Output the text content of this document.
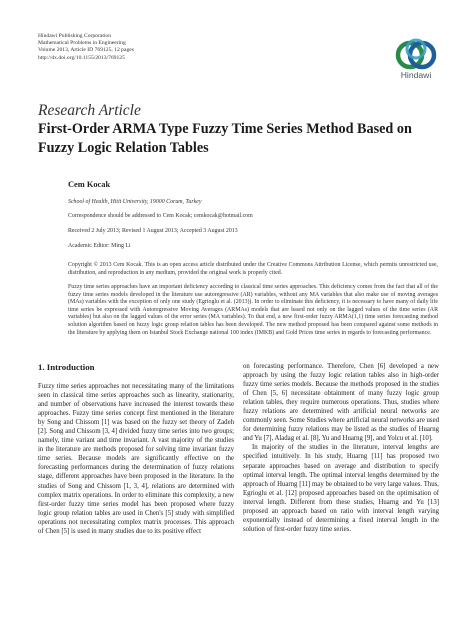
Hindawi Publishing Corporation
Mathematical Problems in Engineering
Volume 2013, Article ID 769125, 12 pages
http://dx.doi.org/10.1155/2013/769125
Hindawi
Research Article
First-Order ARMA Type Fuzzy Time Series Method Based on Fuzzy Logic Relation Tables
Cem Kocak
School of Health, Hitit University, 19000 Corum, Turkey
Correspondence should be addressed to Cem Kocak; cemkocak@hotmail.com
Received 2 July 2013; Revised 1 August 2013; Accepted 3 August 2013
Academic Editor: Ming Li
Copyright © 2013 Cem Kocak. This is an open access article distributed under the Creative Commons Attribution License, which permits unrestricted use, distribution, and reproduction in any medium, provided the original work is properly cited.
Fuzzy time series approaches have an important deficiency according to classical time series approaches. This deficiency comes from the fact that all of the fuzzy time series models developed in the literature use autoregressive (AR) variables, without any MA variables that also make use of moving averages (MAs) variables with the exception of only one study (Egrioglu et al. (2013)). In order to eliminate this deficiency, it is necessary to have many of daily life time series be expressed with Autoregressive Moving Averages (ARMAs) models that are based not only on the lagged values of the time series (AR variables) but also on the lagged values of the error series (MA variables). To that end, a new first-order fuzzy ARMA(1,1) time series forecasting method solution algorithm based on fuzzy logic group relation tables has been developed. The new method proposed has been compared against some methods in the literature by applying them on Istanbul Stock Exchange national 100 index (IMKB) and Gold Prices time series in regards to forecasting performance.
1. Introduction

Fuzzy time series approaches not necessitating many of the limitations seen in classical time series approaches such as linearity, stationarity, and number of observations have increased the interest towards these approaches. Fuzzy time series concept first mentioned in the literature by Song and Chissom [1] was based on the fuzzy set theory of Zadeh [2]. Song and Chissom [3, 4] divided fuzzy time series into two groups; namely, time variant and time invariant. A vast majority of the studies in the literature are methods proposed for solving time invariant fuzzy time series. Because models are significantly effective on the forecasting performances during the determination of fuzzy relations stage, different approaches have been proposed in the literature. In the studies of Song and Chissom [1, 3, 4], relations are determined with complex matrix operations. In order to eliminate this complexity, a new first-order fuzzy time series model has been proposed where fuzzy logic group relation tables are used in Chen's [5] study with simplified operations not necessitating complex matrix processes. This approach of Chen [5] is used in many studies due to its positive effect

on forecasting performance. Therefore, Chen [6] developed a new approach by using the fuzzy logic relation tables also in high-order fuzzy time series models. Because the methods proposed in the studies of Chen [5, 6] necessitate obtainment of many fuzzy logic group relation tables, they require numerous operations. Thus, studies where fuzzy relations are determined with artificial neural networks are commonly seen. Some Studies where artificial neural networks are used for determining fuzzy relations may be listed as the studies of Huarng and Yu [7], Aladag et al. [8], Yu and Huarng [9], and Yolcu et al. [10].

In majority of the studies in the literature, interval lengths are specified intuitively. In his study, Huarng [11] has proposed two separate approaches based on average and distribution to specify optimal interval length. The optimal interval lengths determined by the approach of Huarng [11] may be obtained to be very large values. Thus, Egrioglu et al. [12] proposed approaches based on the optimisation of interval length. Different from these studies, Huarng and Yu [13] proposed an approach based on ratio with interval length varying exponentially instead of determining a fixed interval length in the solution of first-order fuzzy time series.
